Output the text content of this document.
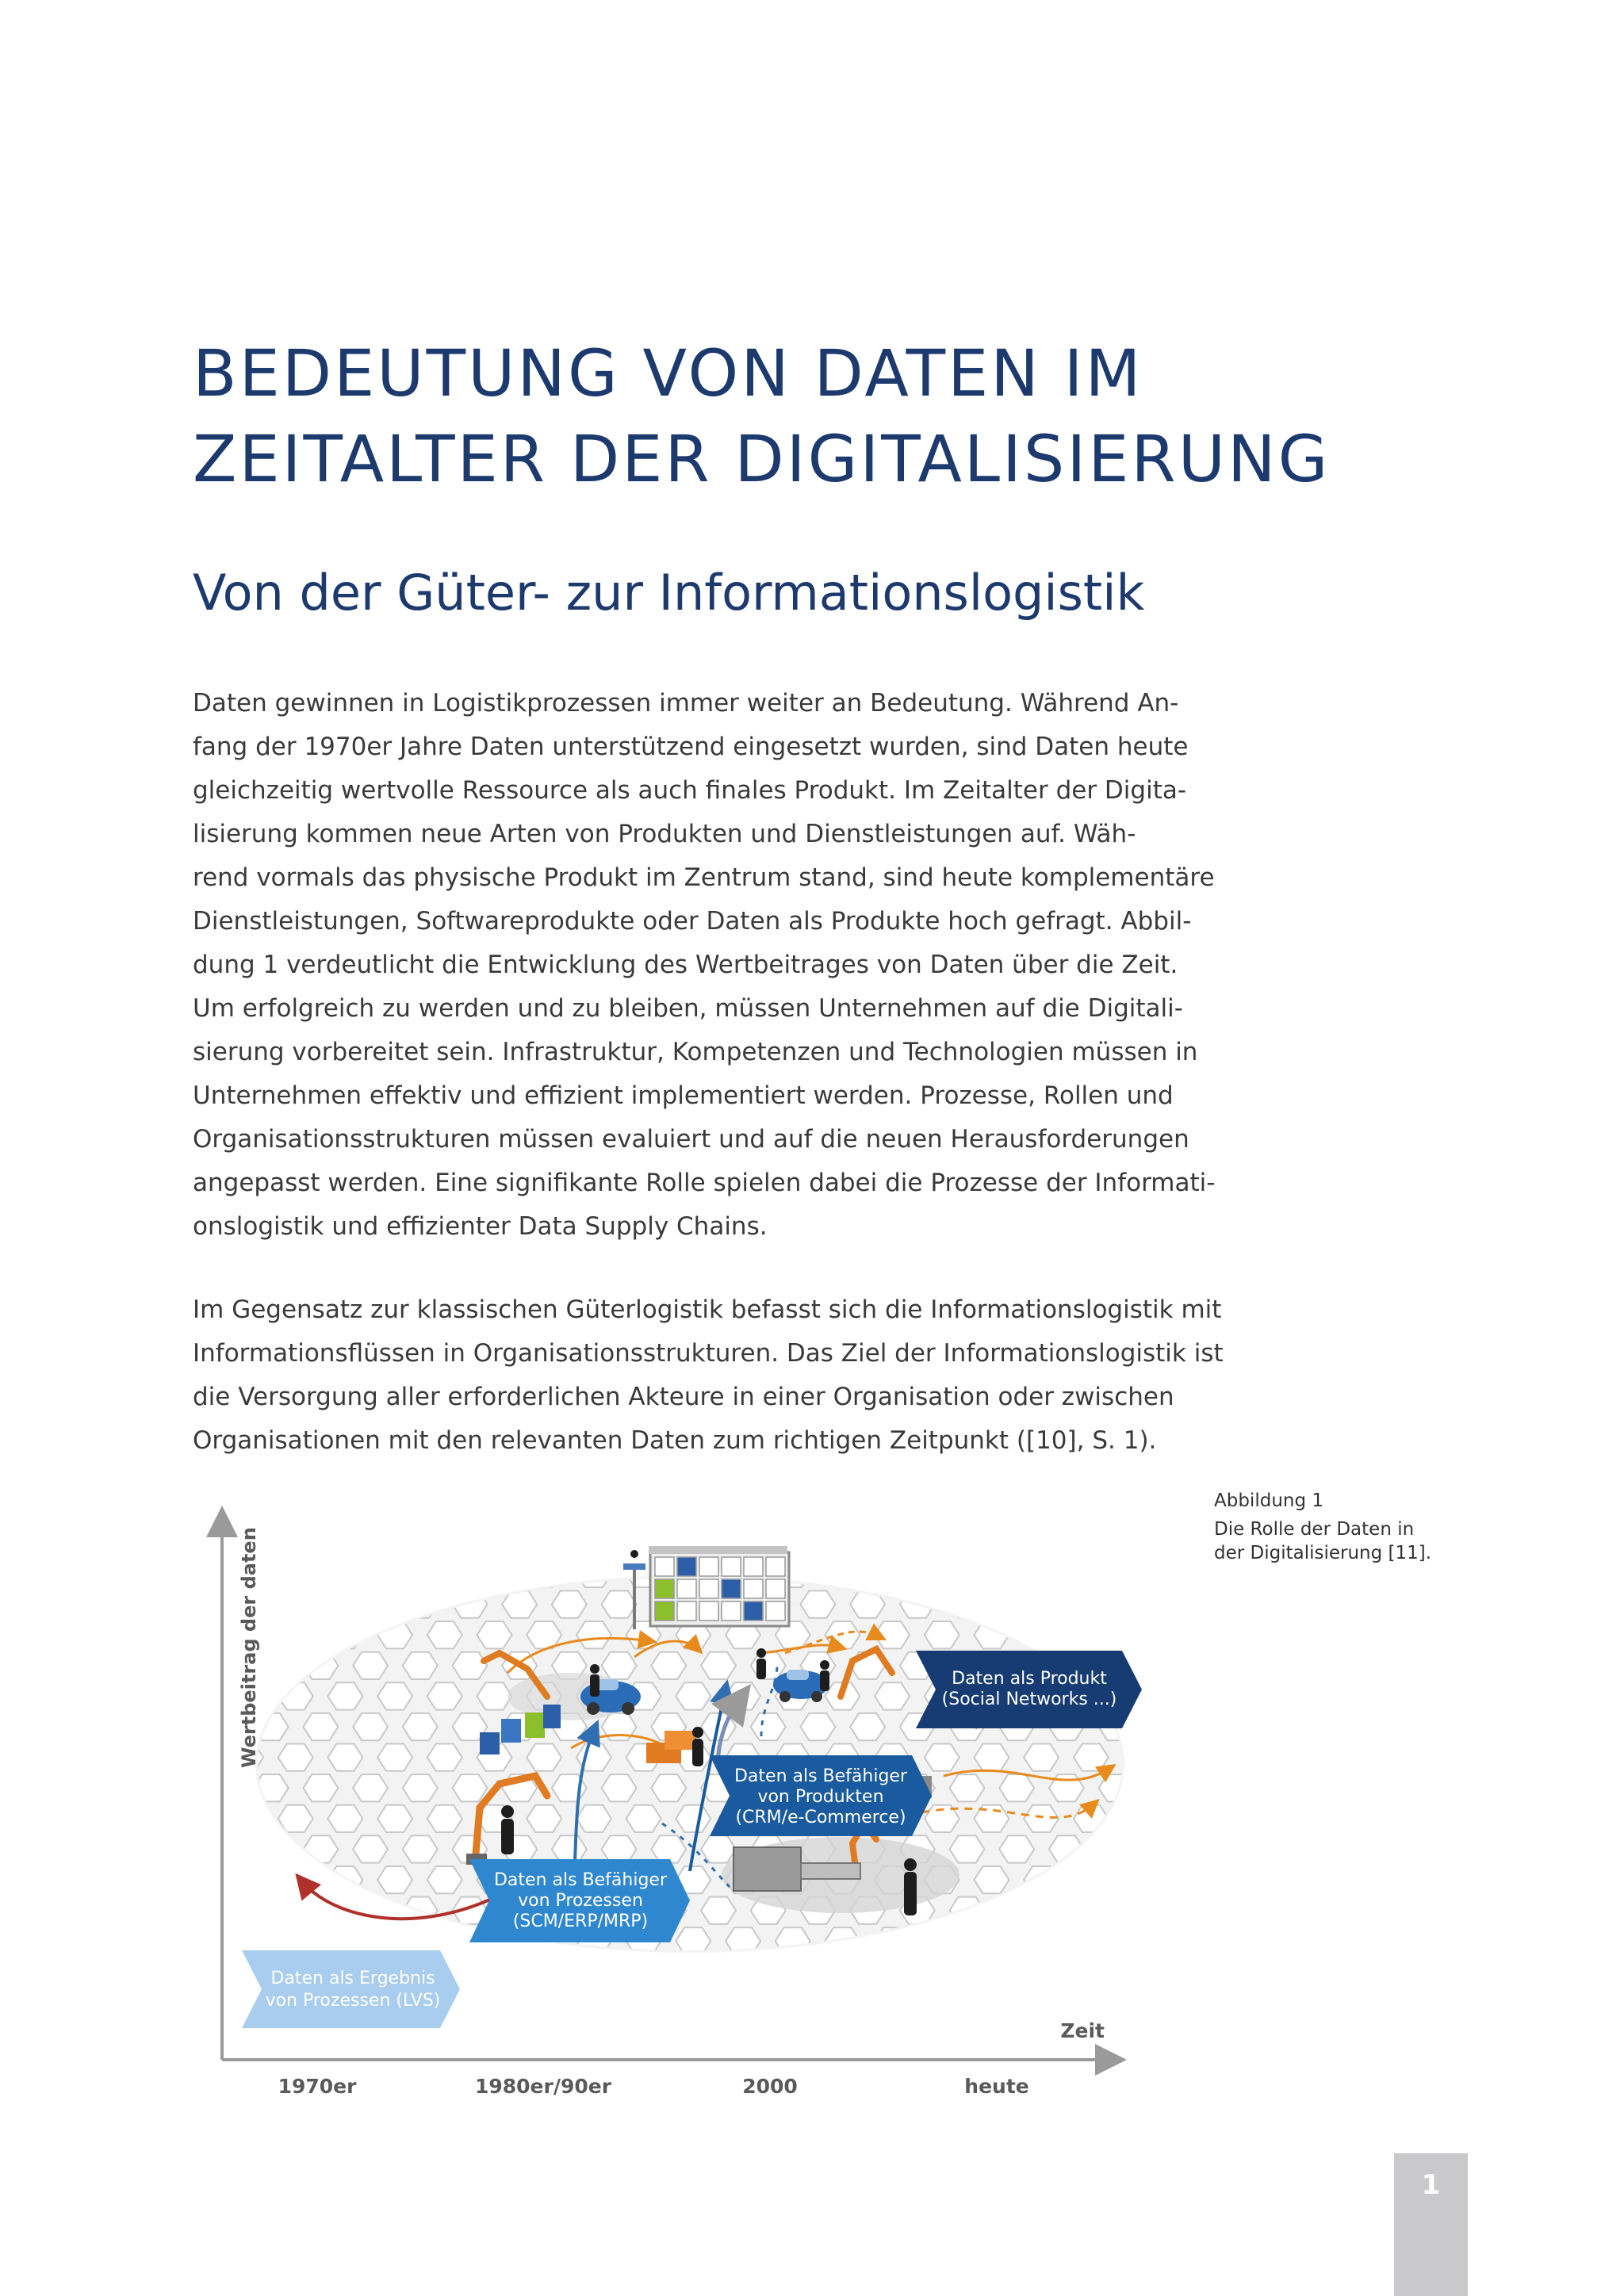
BEDEUTUNG VON DATEN IM
ZEITALTER DER DIGITALISIERUNG
Von der Güter- zur Informationslogistik

Daten gewinnen in Logistikprozessen immer weiter an Bedeutung. Während An-
fang der 1970er Jahre Daten unterstützend eingesetzt wurden, sind Daten heute
gleichzeitig wertvolle Ressource als auch finales Produkt. Im Zeitalter der Digita-
lisierung kommen neue Arten von Produkten und Dienstleistungen auf. Wäh-
rend vormals das physische Produkt im Zentrum stand, sind heute komplementäre
Dienstleistungen, Softwareprodukte oder Daten als Produkte hoch gefragt. Abbil-
dung 1 verdeutlicht die Entwicklung des Wertbeitrages von Daten über die Zeit.
Um erfolgreich zu werden und zu bleiben, müssen Unternehmen auf die Digitali-
sierung vorbereitet sein. Infrastruktur, Kompetenzen und Technologien müssen in
Unternehmen effektiv und effizient implementiert werden. Prozesse, Rollen und
Organisationsstrukturen müssen evaluiert und auf die neuen Herausforderungen
angepasst werden. Eine signifikante Rolle spielen dabei die Prozesse der Informati-
onslogistik und effizienter Data Supply Chains.

Im Gegensatz zur klassischen Güterlogistik befasst sich die Informationslogistik mit
Informationsflüssen in Organisationsstrukturen. Das Ziel der Informationslogistik ist
die Versorgung aller erforderlichen Akteure in einer Organisation oder zwischen
Organisationen mit den relevanten Daten zum richtigen Zeitpunkt ([10], S. 1).

Abbildung 1
Die Rolle der Daten in
der Digitalisierung [11].
Wertbeitrag der daten
Zeit
1970er	1980er/90er	2000	heute
Daten als Ergebnis
von Prozessen (LVS)
Daten als Befähiger
von Prozessen
(SCM/ERP/MRP)
Daten als Befähiger
von Produkten
(CRM/e-Commerce)
Daten als Produkt
(Social Networks ...)
1
